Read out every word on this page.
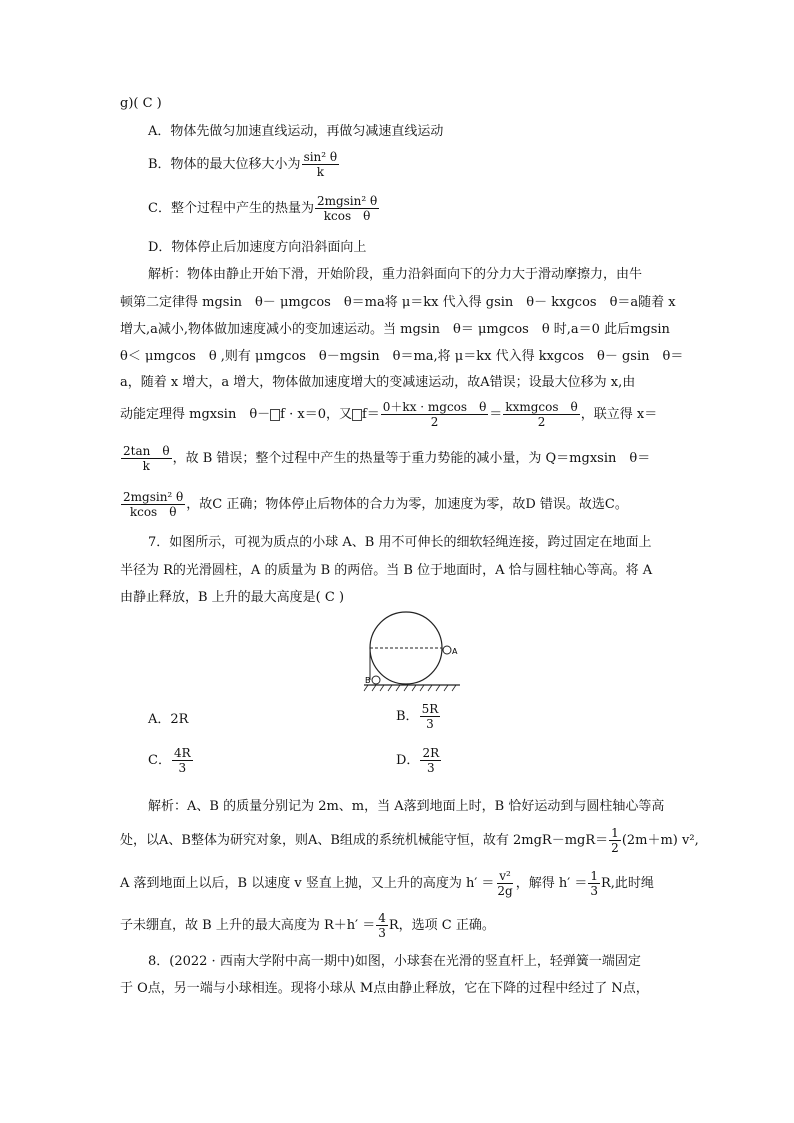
g)( C )
A．物体先做匀加速直线运动，再做匀减速直线运动
B．物体的最大位移大小为 $\frac{\text{sin² θ}}{k}$
C．整个过程中产生的热量为 $\frac{\text{2mgsin² θ}}{\text{kcos　θ}}$
D．物体停止后加速度方向沿斜面向上
解析：物体由静止开始下滑，开始阶段，重力沿斜面向下的分力大于滑动摩擦力，由牛
顿第二定律得 mgsin　θ－ μmgcos　θ＝ma将 μ＝kx 代入得 gsin　θ－ kxgcos　θ＝a随着 x
增大,a减小,物体做加速度减小的变加速运动。当 mgsin　θ＝ μmgcos　θ 时,a＝0 此后mgsin
θ＜ μmgcos　θ ,则有 μmgcos　θ－mgsin　θ＝ma,将 μ＝kx 代入得 kxgcos　θ－ gsin　θ＝
a，随着 x 增大，a 增大，物体做加速度增大的变减速运动，故A错误；设最大位移为 x,由
动能定理得 mgxsin　θ－ f · x＝0，又 $f= \frac{\text{0＋kx · mgcos　θ}}{2} = \frac{\text{kxmgcos　θ}}{2}$ ，联立得 x＝
$\frac{\text{2tan　θ}}{k}$ ，故 B 错误；整个过程中产生的热量等于重力势能的减小量，为 Q＝mgxsin　θ＝
$\frac{\text{2mgsin² θ}}{\text{kcos　θ}}$ ，故C 正确；物体停止后物体的合力为零，加速度为零，故D 错误。故选C。
7．如图所示，可视为质点的小球 A、B 用不可伸长的细软轻绳连接，跨过固定在地面上
半径为 R的光滑圆柱，A 的质量为 B 的两倍。当 B 位于地面时，A 恰与圆柱轴心等高。将 A
由静止释放，B 上升的最大高度是( C )
A
B
A．2R	B． $\frac{5R}{3}$
C． $\frac{4R}{3}$	D． $\frac{2R}{3}$
解析：A、B 的质量分别记为 2m、m，当 A落到地面上时，B 恰好运动到与圆柱轴心等高
处，以A、B整体为研究对象，则A、B组成的系统机械能守恒，故有 $2mgR-mgR= \frac{1}{2} (2m+m)$ v²,
A 落到地面上以后，B 以速度 v 竖直上抛，又上升的高度为 $h' = \frac{\text{v²}}{2g}$ ，解得 $h' = \frac{1}{3} R$,此时绳
子未绷直，故 B 上升的最大高度为 $R+h' = \frac{4}{3}$ R，选项 C 正确。
8．(2022 · 西南大学附中高一期中)如图，小球套在光滑的竖直杆上，轻弹簧一端固定
于 O点，另一端与小球相连。现将小球从 M点由静止释放，它在下降的过程中经过了 N点，
